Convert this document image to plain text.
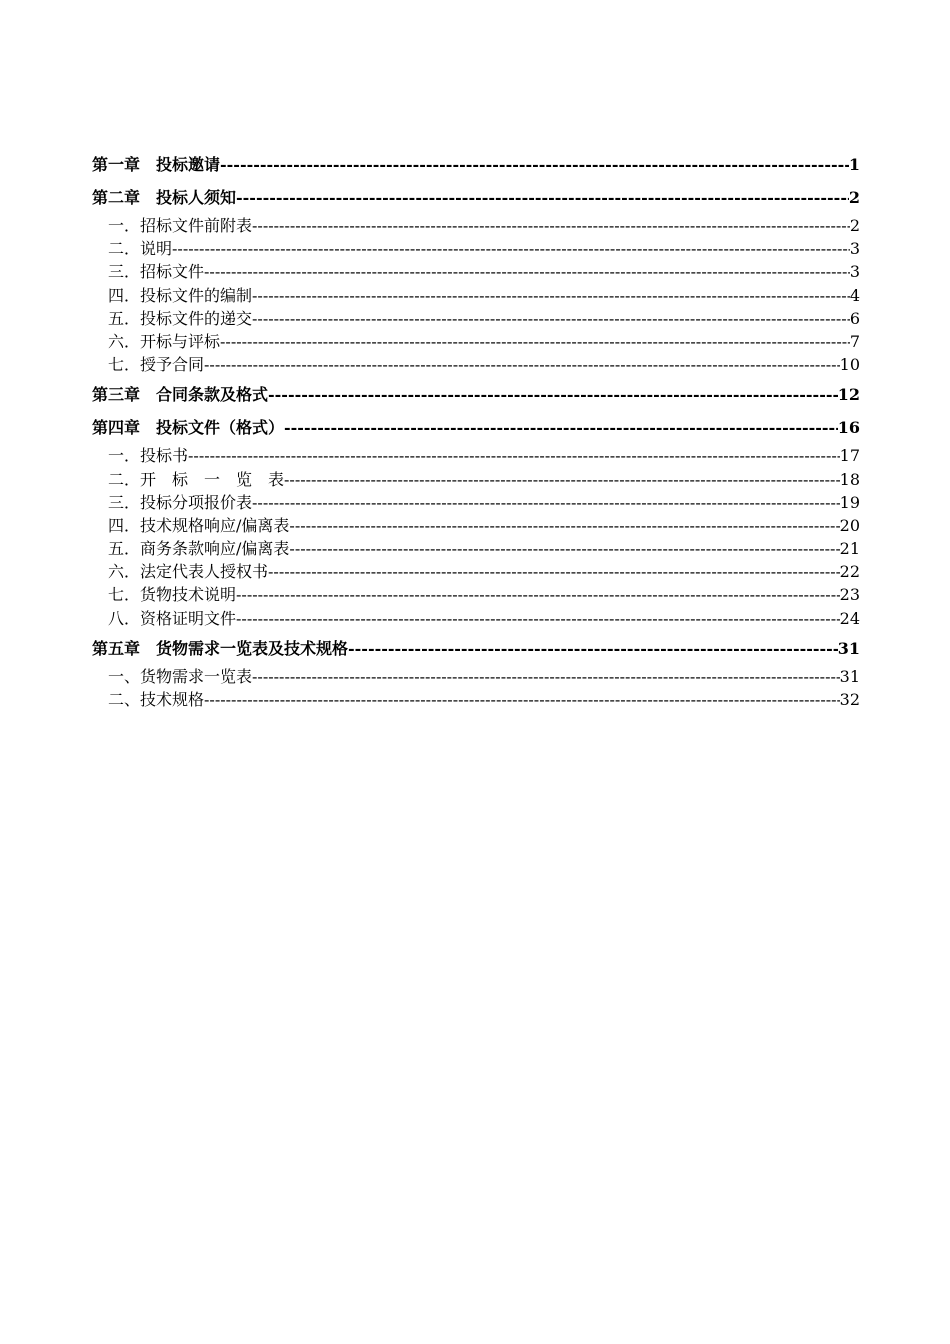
第一章　投标邀请 -----	1
第二章　投标人须知 -----	2
一．招标文件前附表 -----	2
二．说明 -----	3
三．招标文件 -----	3
四．投标文件的编制 -----	4
五．投标文件的递交 -----	6
六．开标与评标 -----	7
七．授予合同 -----	10
第三章　合同条款及格式 -----	12
第四章　投标文件（格式） -----	16
一．投标书 -----	17
二．开　标　一　览　表 -----	18
三．投标分项报价表 -----	19
四．技术规格响应/偏离表 -----	20
五．商务条款响应/偏离表 -----	21
六．法定代表人授权书 -----	22
七．货物技术说明 -----	23
八．资格证明文件 -----	24
第五章　货物需求一览表及技术规格 -----	31
一、货物需求一览表 -----	31
二、技术规格 -----	32
